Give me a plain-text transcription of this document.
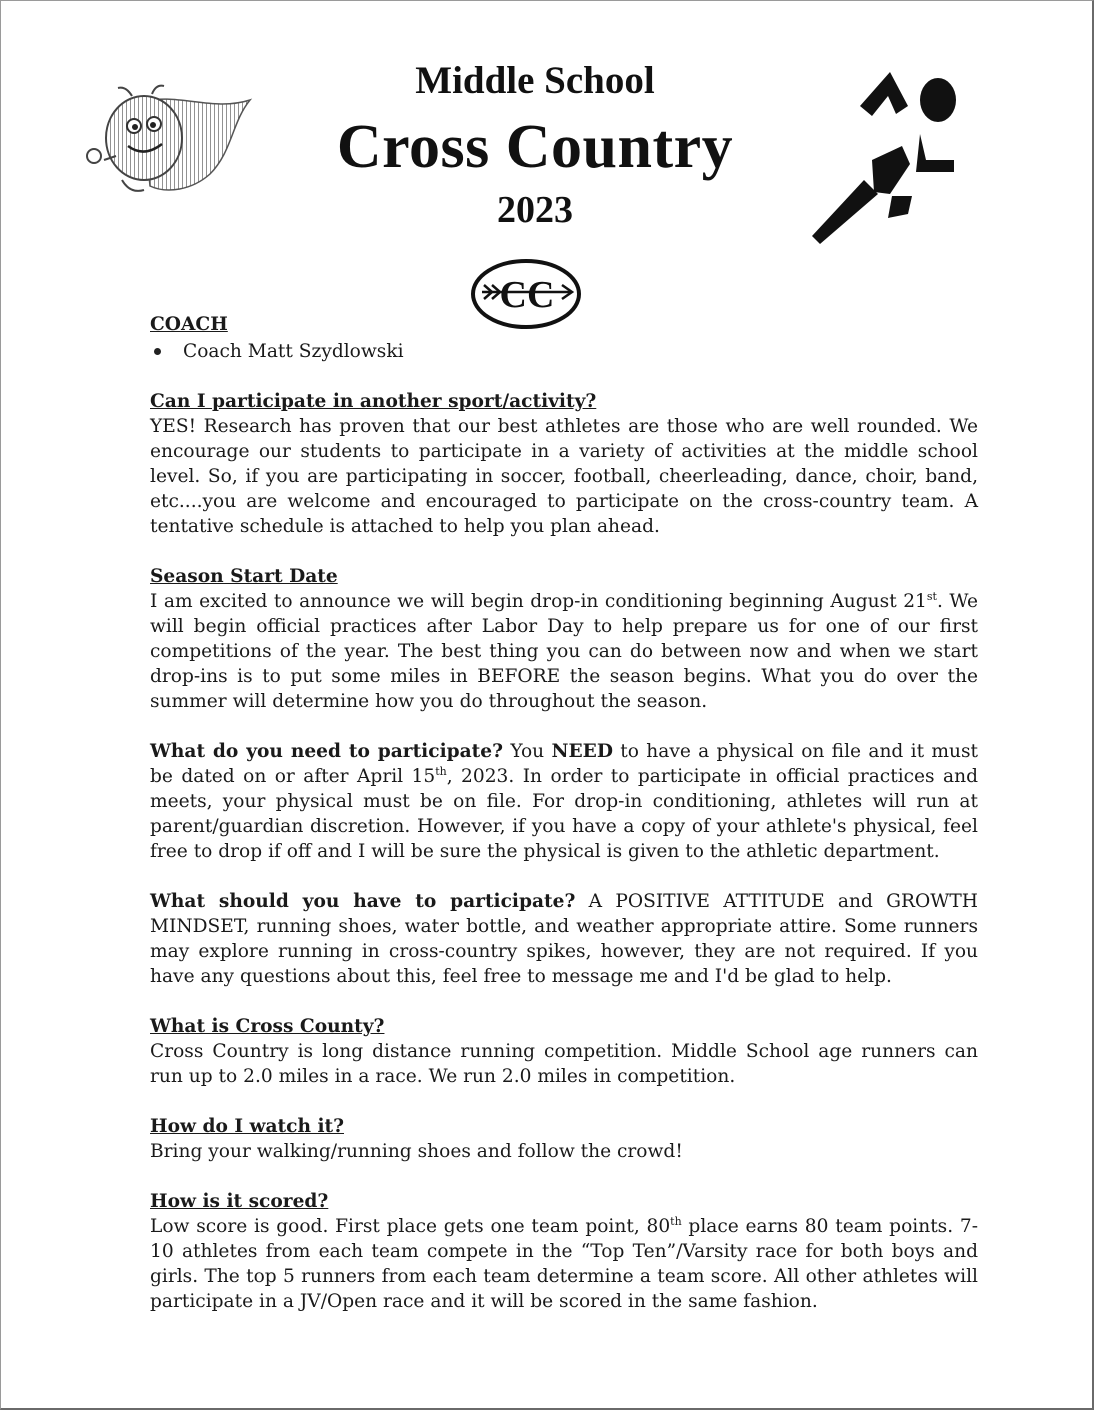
Middle School
Cross Country
2023
CC
COACH
Coach Matt Szydlowski
Can I participate in another sport/activity?
YES! Research has proven that our best athletes are those who are well rounded. We encourage our students to participate in a variety of activities at the middle school level. So, if you are participating in soccer, football, cheerleading, dance, choir, band, etc....you are welcome and encouraged to participate on the cross-country team. A tentative schedule is attached to help you plan ahead.
Season Start Date
I am excited to announce we will begin drop-in conditioning beginning August 21st. We will begin official practices after Labor Day to help prepare us for one of our first competitions of the year. The best thing you can do between now and when we start drop-ins is to put some miles in BEFORE the season begins. What you do over the summer will determine how you do throughout the season.
What do you need to participate? You NEED to have a physical on file and it must be dated on or after April 15th, 2023. In order to participate in official practices and meets, your physical must be on file. For drop-in conditioning, athletes will run at parent/guardian discretion. However, if you have a copy of your athlete's physical, feel free to drop if off and I will be sure the physical is given to the athletic department.
What should you have to participate? A POSITIVE ATTITUDE and GROWTH MINDSET, running shoes, water bottle, and weather appropriate attire. Some runners may explore running in cross-country spikes, however, they are not required. If you have any questions about this, feel free to message me and I'd be glad to help.
What is Cross County?
Cross Country is long distance running competition. Middle School age runners can run up to 2.0 miles in a race. We run 2.0 miles in competition.
How do I watch it?
Bring your walking/running shoes and follow the crowd!
How is it scored?
Low score is good. First place gets one team point, 80th place earns 80 team points. 7-10 athletes from each team compete in the “Top Ten”/Varsity race for both boys and girls. The top 5 runners from each team determine a team score. All other athletes will participate in a JV/Open race and it will be scored in the same fashion.
